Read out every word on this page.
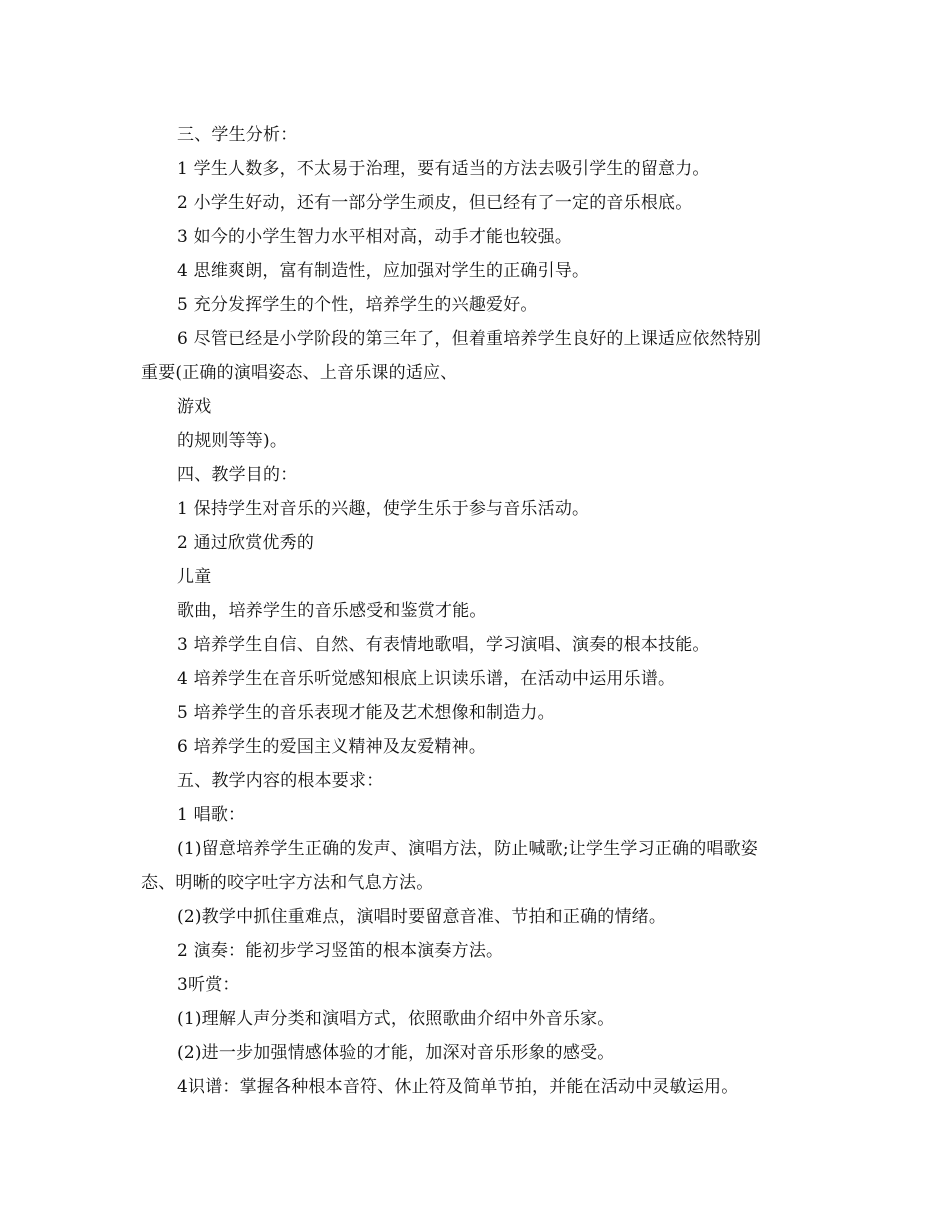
三、学生分析：
1 学生人数多，不太易于治理，要有适当的方法去吸引学生的留意力。
2 小学生好动，还有一部分学生顽皮，但已经有了一定的音乐根底。
3 如今的小学生智力水平相对高，动手才能也较强。
4 思维爽朗，富有制造性，应加强对学生的正确引导。
5 充分发挥学生的个性，培养学生的兴趣爱好。
6 尽管已经是小学阶段的第三年了，但着重培养学生良好的上课适应依然特别
重要(正确的演唱姿态、上音乐课的适应、
游戏
的规则等等)。
四、教学目的：
1 保持学生对音乐的兴趣，使学生乐于参与音乐活动。
2 通过欣赏优秀的
儿童
歌曲，培养学生的音乐感受和鉴赏才能。
3 培养学生自信、自然、有表情地歌唱，学习演唱、演奏的根本技能。
4 培养学生在音乐听觉感知根底上识读乐谱，在活动中运用乐谱。
5 培养学生的音乐表现才能及艺术想像和制造力。
6 培养学生的爱国主义精神及友爱精神。
五、教学内容的根本要求：
1 唱歌：
(1)留意培养学生正确的发声、演唱方法，防止喊歌;让学生学习正确的唱歌姿
态、明晰的咬字吐字方法和气息方法。
(2)教学中抓住重难点，演唱时要留意音准、节拍和正确的情绪。
2 演奏：能初步学习竖笛的根本演奏方法。
3听赏：
(1)理解人声分类和演唱方式，依照歌曲介绍中外音乐家。
(2)进一步加强情感体验的才能，加深对音乐形象的感受。
4识谱：掌握各种根本音符、休止符及简单节拍，并能在活动中灵敏运用。
